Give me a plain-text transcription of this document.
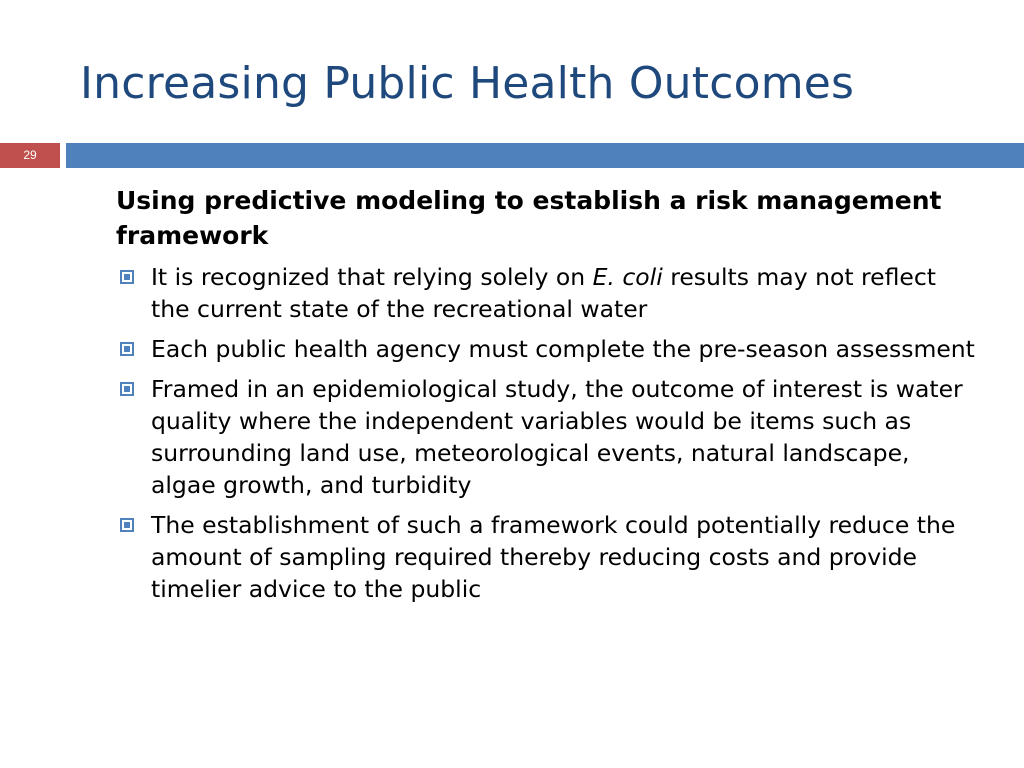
Increasing Public Health Outcomes
29

Using predictive modeling to establish a risk management framework

It is recognized that relying solely on E. coli results may not reflect the current state of the recreational water
Each public health agency must complete the pre-season assessment
Framed in an epidemiological study, the outcome of interest is water quality where the independent variables would be items such as surrounding land use, meteorological events, natural landscape, algae growth, and turbidity
The establishment of such a framework could potentially reduce the amount of sampling required thereby reducing costs and provide timelier advice to the public
